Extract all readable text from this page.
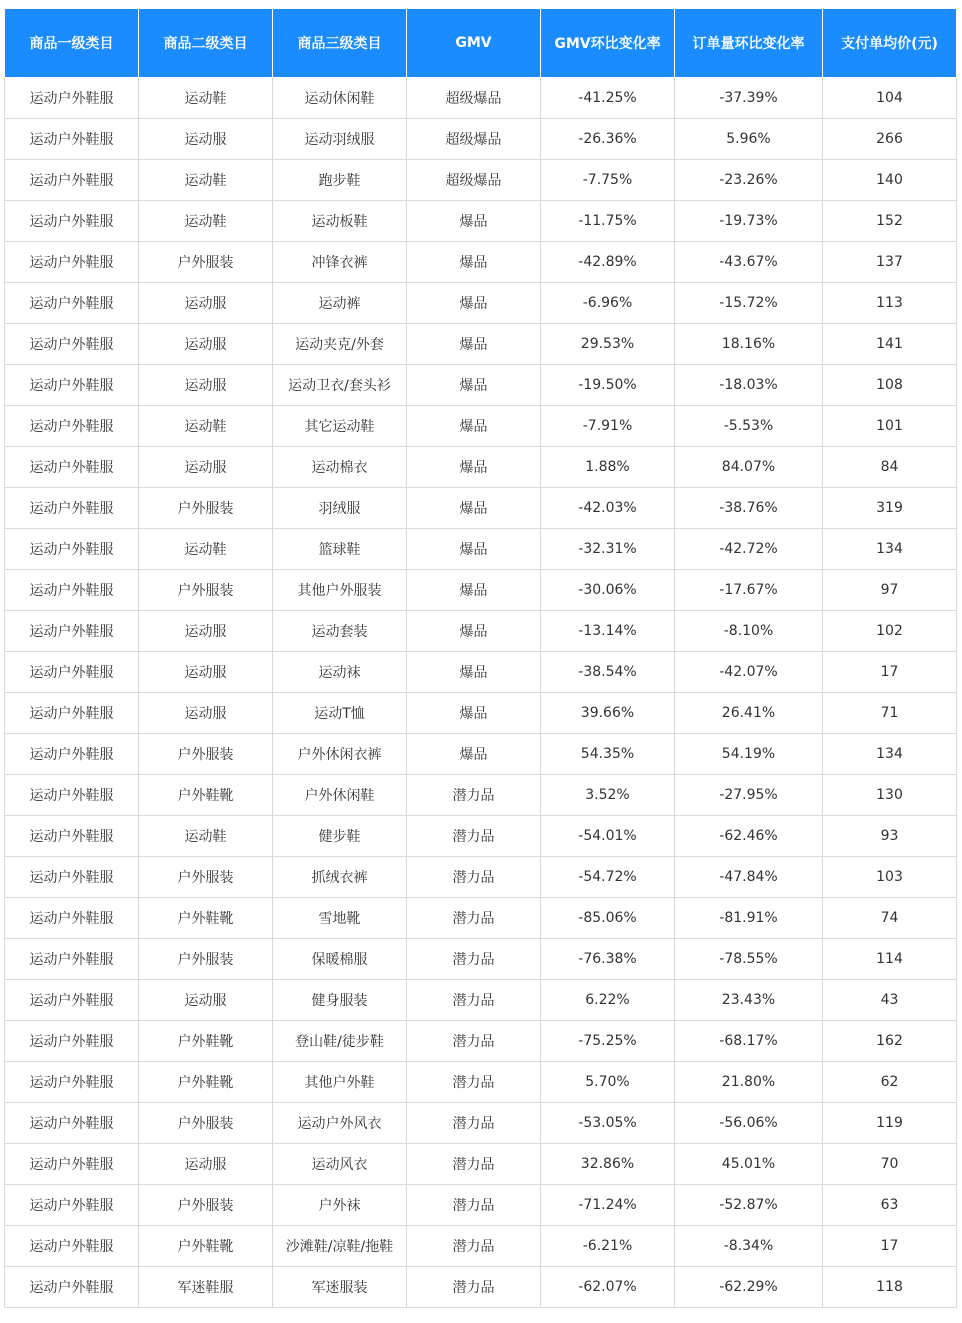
商品一级类目	商品二级类目	商品三级类目	GMV	GMV环比变化率	订单量环比变化率	支付单均价(元)
运动户外鞋服	运动鞋	运动休闲鞋	超级爆品	-41.25%	-37.39%	104
运动户外鞋服	运动服	运动羽绒服	超级爆品	-26.36%	5.96%	266
运动户外鞋服	运动鞋	跑步鞋	超级爆品	-7.75%	-23.26%	140
运动户外鞋服	运动鞋	运动板鞋	爆品	-11.75%	-19.73%	152
运动户外鞋服	户外服装	冲锋衣裤	爆品	-42.89%	-43.67%	137
运动户外鞋服	运动服	运动裤	爆品	-6.96%	-15.72%	113
运动户外鞋服	运动服	运动夹克/外套	爆品	29.53%	18.16%	141
运动户外鞋服	运动服	运动卫衣/套头衫	爆品	-19.50%	-18.03%	108
运动户外鞋服	运动鞋	其它运动鞋	爆品	-7.91%	-5.53%	101
运动户外鞋服	运动服	运动棉衣	爆品	1.88%	84.07%	84
运动户外鞋服	户外服装	羽绒服	爆品	-42.03%	-38.76%	319
运动户外鞋服	运动鞋	篮球鞋	爆品	-32.31%	-42.72%	134
运动户外鞋服	户外服装	其他户外服装	爆品	-30.06%	-17.67%	97
运动户外鞋服	运动服	运动套装	爆品	-13.14%	-8.10%	102
运动户外鞋服	运动服	运动袜	爆品	-38.54%	-42.07%	17
运动户外鞋服	运动服	运动T恤	爆品	39.66%	26.41%	71
运动户外鞋服	户外服装	户外休闲衣裤	爆品	54.35%	54.19%	134
运动户外鞋服	户外鞋靴	户外休闲鞋	潜力品	3.52%	-27.95%	130
运动户外鞋服	运动鞋	健步鞋	潜力品	-54.01%	-62.46%	93
运动户外鞋服	户外服装	抓绒衣裤	潜力品	-54.72%	-47.84%	103
运动户外鞋服	户外鞋靴	雪地靴	潜力品	-85.06%	-81.91%	74
运动户外鞋服	户外服装	保暖棉服	潜力品	-76.38%	-78.55%	114
运动户外鞋服	运动服	健身服装	潜力品	6.22%	23.43%	43
运动户外鞋服	户外鞋靴	登山鞋/徒步鞋	潜力品	-75.25%	-68.17%	162
运动户外鞋服	户外鞋靴	其他户外鞋	潜力品	5.70%	21.80%	62
运动户外鞋服	户外服装	运动户外风衣	潜力品	-53.05%	-56.06%	119
运动户外鞋服	运动服	运动风衣	潜力品	32.86%	45.01%	70
运动户外鞋服	户外服装	户外袜	潜力品	-71.24%	-52.87%	63
运动户外鞋服	户外鞋靴	沙滩鞋/凉鞋/拖鞋	潜力品	-6.21%	-8.34%	17
运动户外鞋服	军迷鞋服	军迷服装	潜力品	-62.07%	-62.29%	118
